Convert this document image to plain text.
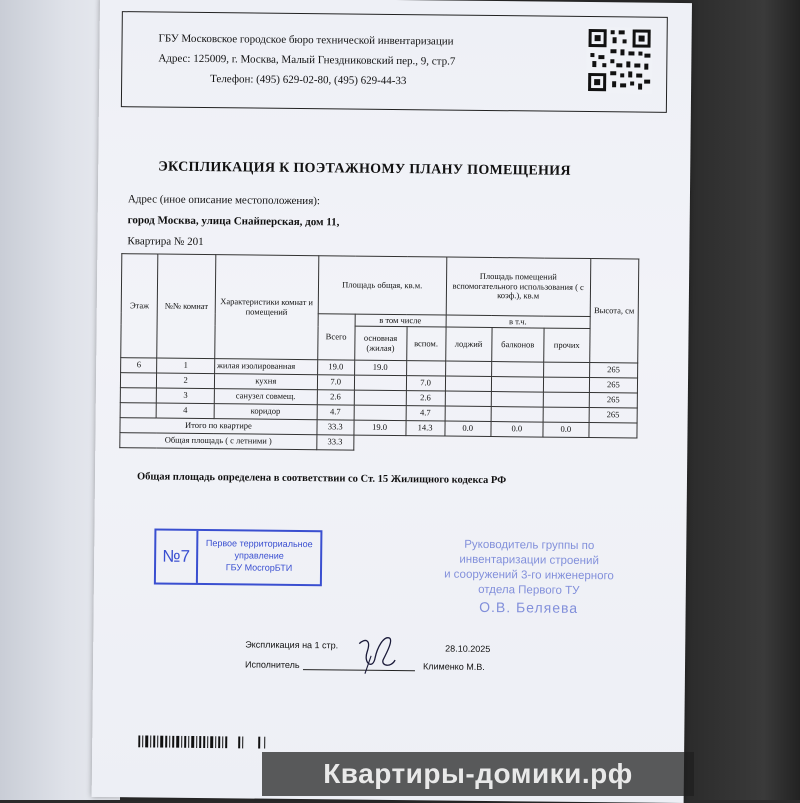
ГБУ Московское городское бюро технической инвентаризации
Адрес: 125009, г. Москва, Малый Гнездниковский пер., 9, стр.7
Телефон: (495) 629-02-80, (495) 629-44-33
ЭКСПЛИКАЦИЯ К ПОЭТАЖНОМУ ПЛАНУ ПОМЕЩЕНИЯ
Адрес (иное описание местоположения):
город Москва, улица Снайперская, дом 11,
Квартира № 201
Этаж	№№ комнат	Характеристики комнат и помещений	Площадь общая, кв.м.			Площадь помещений вспомогательного использования ( с коэф.), кв.м			Высота, см
			Всего	в том числе		в т.ч.			
				основная (жилая)	вспом.	лоджий	балконов	прочих	
6	1	жилая изолированная	19.0	19.0					265
	2	кухня	7.0		7.0				265
	3	санузел совмещ.	2.6		2.6				265
	4	коридор	4.7		4.7				265
Итого по квартире			33.3	19.0	14.3	0.0	0.0	0.0	
Общая площадь ( с летними )			33.3						
Общая площадь определена в соответствии со Ст. 15 Жилищного кодекса РФ
№7
Первое территориальное
управление
ГБУ МосгорБТИ
Руководитель группы по
инвентаризации строений
и сооружений 3-го инженерного
отдела Первого ТУ
О.В. Беляева
Экспликация на 1 стр.	28.10.2025
Исполнитель	Клименко М.В.
Квартиры-домики.рф
